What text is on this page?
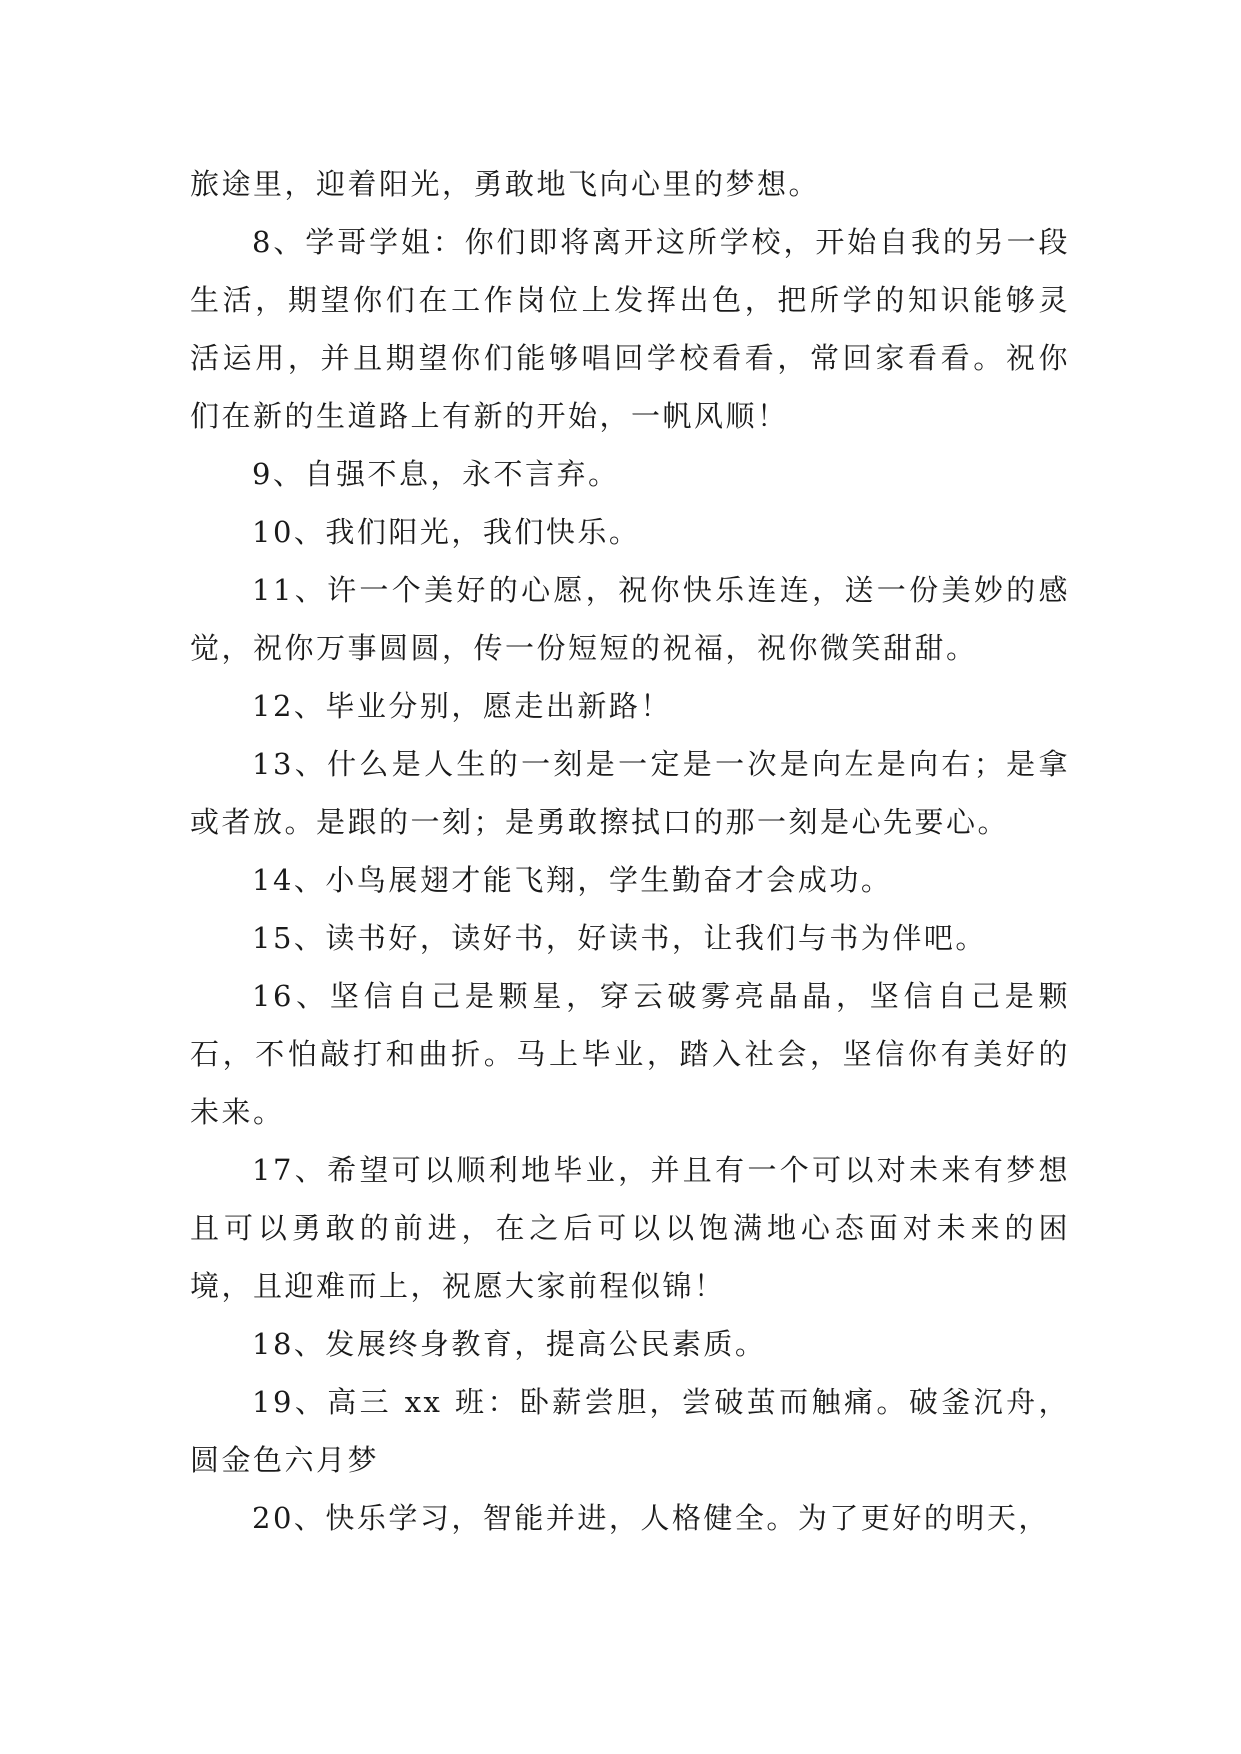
旅途里，迎着阳光，勇敢地飞向心里的梦想。

8、学哥学姐：你们即将离开这所学校，开始自我的另一段生活，期望你们在工作岗位上发挥出色，把所学的知识能够灵活运用，并且期望你们能够唱回学校看看，常回家看看。祝你们在新的生道路上有新的开始，一帆风顺！

9、自强不息，永不言弃。

10、我们阳光，我们快乐。

11、许一个美好的心愿，祝你快乐连连，送一份美妙的感觉，祝你万事圆圆，传一份短短的祝福，祝你微笑甜甜。

12、毕业分别，愿走出新路！

13、什么是人生的一刻是一定是一次是向左是向右；是拿或者放。是跟的一刻；是勇敢擦拭口的那一刻是心先要心。

14、小鸟展翅才能飞翔，学生勤奋才会成功。

15、读书好，读好书，好读书，让我们与书为伴吧。

16、坚信自己是颗星，穿云破雾亮晶晶，坚信自己是颗石，不怕敲打和曲折。马上毕业，踏入社会，坚信你有美好的未来。

17、希望可以顺利地毕业，并且有一个可以对未来有梦想且可以勇敢的前进，在之后可以以饱满地心态面对未来的困境，且迎难而上，祝愿大家前程似锦！

18、发展终身教育，提高公民素质。

19、高三 xx 班：卧薪尝胆，尝破茧而触痛。破釜沉舟，圆金色六月梦

20、快乐学习，智能并进，人格健全。为了更好的明天，
